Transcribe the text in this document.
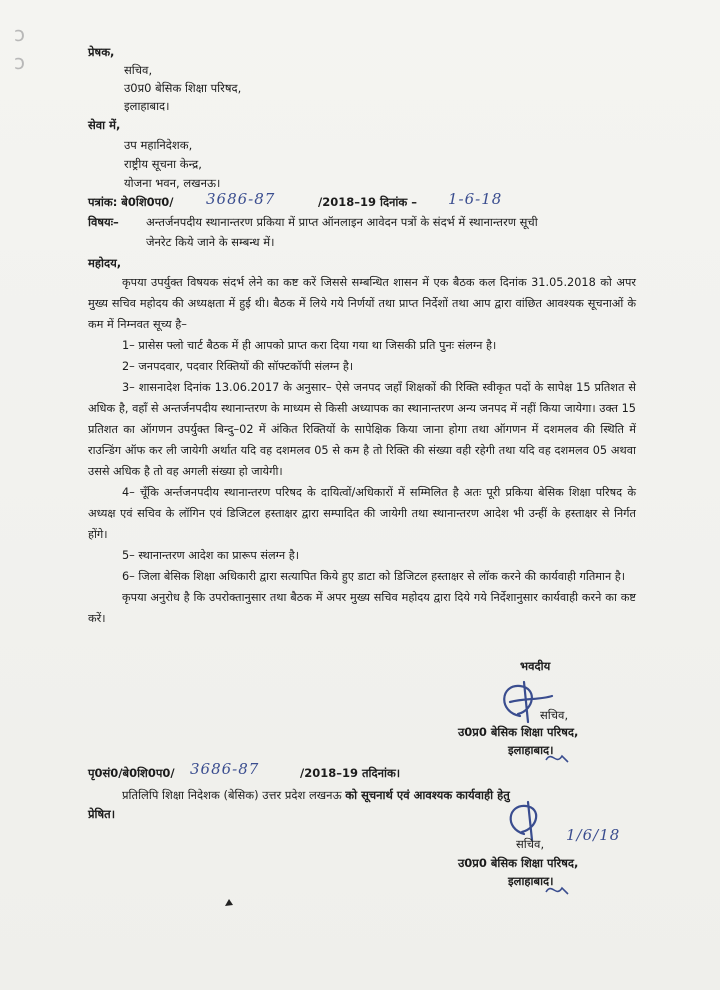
ↄ
ↄ	प्रेषक,
सचिव,
उ0प्र0 बेसिक शिक्षा परिषद,
इलाहाबाद।
सेवा में,
उप महानिदेशक,
राष्ट्रीय सूचना केन्द्र,
योजना भवन, लखनऊ।
पत्रांक: बे0शि0प0/ 3686-87	/2018–19 दिनांक – 1-6-18
विषयः– अन्तर्जनपदीय स्थानान्तरण प्रकिया में प्राप्त ऑनलाइन आवेदन पत्रों के संदर्भ में स्थानान्तरण सूची
जेनरेट किये जाने के सम्बन्ध में।
महोदय,

कृपया उपर्युक्त विषयक संदर्भ लेने का कष्ट करें जिससे सम्बन्धित शासन में एक बैठक कल दिनांक 31.05.2018 को अपर मुख्य सचिव महोदय की अध्यक्षता में हुई थी। बैठक में लिये गये निर्णयों तथा प्राप्त निर्देशों तथा आप द्वारा वांछित आवश्यक सूचनाओं के कम में निम्नवत सूच्य है–

1– प्रासेस फ्लो चार्ट बैठक में ही आपको प्राप्त करा दिया गया था जिसकी प्रति पुनः संलग्न है।

2– जनपदवार, पदवार रिक्तियों की सॉफ्टकॉपी संलग्न है।

3– शासनादेश दिनांक 13.06.2017 के अनुसार– ऐसे जनपद जहाँ शिक्षकों की रिक्ति स्वीकृत पदों के सापेक्ष 15 प्रतिशत से अधिक है, वहाँ से अन्तर्जनपदीय स्थानान्तरण के माध्यम से किसी अध्यापक का स्थानान्तरण अन्य जनपद में नहीं किया जायेगा। उक्त 15 प्रतिशत का ऑगणन उपर्युक्त बिन्दु–02 में अंकित रिक्तियों के सापेक्षिक किया जाना होगा तथा ऑगणन में दशमलव की स्थिति में राउन्डिंग ऑफ कर ली जायेगी अर्थात यदि वह दशमलव 05 से कम है तो रिक्ति की संख्या वही रहेगी तथा यदि वह दशमलव 05 अथवा उससे अधिक है तो वह अगली संख्या हो जायेगी।

4– चूँकि अर्न्तजनपदीय स्थानान्तरण परिषद के दायित्वों/अधिकारों में सम्मिलित है अतः पूरी प्रकिया बेसिक शिक्षा परिषद के अध्यक्ष एवं सचिव के लॉगिन एवं डिजिटल हस्ताक्षर द्वारा सम्पादित की जायेगी तथा स्थानान्तरण आदेश भी उन्हीं के हस्ताक्षर से निर्गत होंगे।

5– स्थानान्तरण आदेश का प्रारूप संलग्न है।

6– जिला बेसिक शिक्षा अधिकारी द्वारा सत्यापित किये हुए डाटा को डिजिटल हस्ताक्षर से लॉक करने की कार्यवाही गतिमान है।

कृपया अनुरोध है कि उपरोक्तानुसार तथा बैठक में अपर मुख्य सचिव महोदय द्वारा दिये गये निर्देशानुसार कार्यवाही करने का कष्ट करें।

भवदीय
सचिव,
उ0प्र0 बेसिक शिक्षा परिषद,
इलाहाबाद।
पृ0सं0/बे0शि0प0/ 3686-87	/2018–19 तदिनांक।
प्रतिलिपि शिक्षा निदेशक (बेसिक) उत्तर प्रदेश लखनऊ को सूचनार्थ एवं आवश्यक कार्यवाही हेतु
प्रेषित।
1/6/18
सचिव,
उ0प्र0 बेसिक शिक्षा परिषद,
इलाहाबाद।
